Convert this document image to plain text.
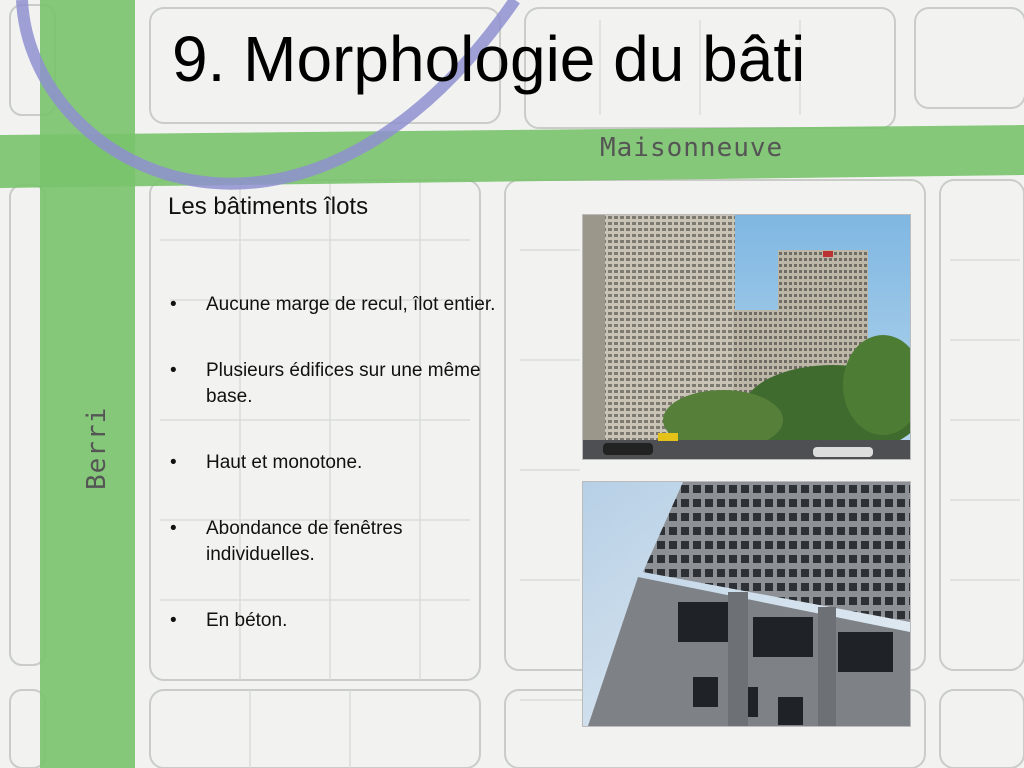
Maisonneuve
Berri
9. Morphologie du bâti
Les bâtiments îlots
• Aucune marge de recul, îlot entier.
• Plusieurs édifices sur une même base.
• Haut et monotone.
• Abondance de fenêtres individuelles.
• En béton.
